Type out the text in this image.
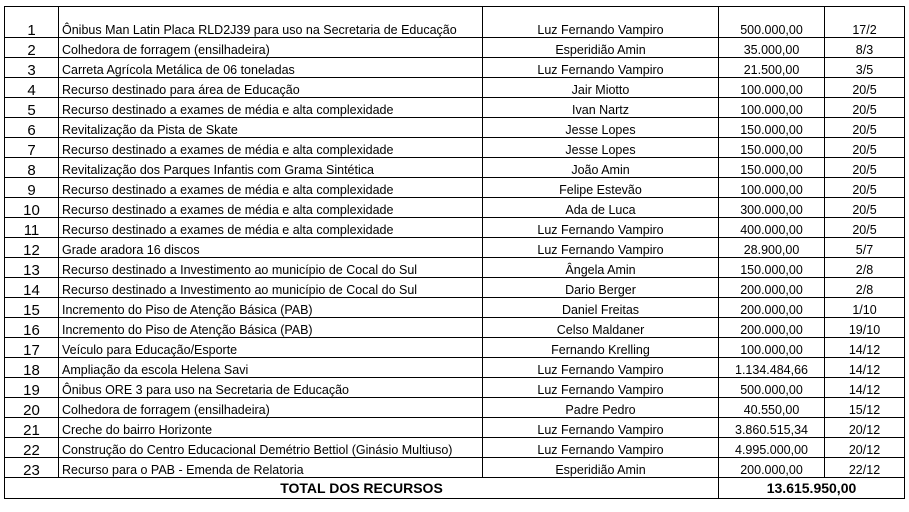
1	Ônibus Man Latin Placa RLD2J39 para uso na Secretaria de Educação	Luz Fernando Vampiro	500.000,00	17/2
2	Colhedora de forragem (ensilhadeira)	Esperidião Amin	35.000,00	8/3
3	Carreta Agrícola Metálica de 06 toneladas	Luz Fernando Vampiro	21.500,00	3/5
4	Recurso destinado para área de Educação	Jair Miotto	100.000,00	20/5
5	Recurso destinado a exames de média e alta complexidade	Ivan Nartz	100.000,00	20/5
6	Revitalização da Pista de Skate	Jesse Lopes	150.000,00	20/5
7	Recurso destinado a exames de média e alta complexidade	Jesse Lopes	150.000,00	20/5
8	Revitalização dos Parques Infantis com Grama Sintética	João Amin	150.000,00	20/5
9	Recurso destinado a exames de média e alta complexidade	Felipe Estevão	100.000,00	20/5
10	Recurso destinado a exames de média e alta complexidade	Ada de Luca	300.000,00	20/5
11	Recurso destinado a exames de média e alta complexidade	Luz Fernando Vampiro	400.000,00	20/5
12	Grade aradora 16 discos	Luz Fernando Vampiro	28.900,00	5/7
13	Recurso destinado a Investimento ao município de Cocal do Sul	Ângela Amin	150.000,00	2/8
14	Recurso destinado a Investimento ao município de Cocal do Sul	Dario Berger	200.000,00	2/8
15	Incremento do Piso de Atenção Básica (PAB)	Daniel Freitas	200.000,00	1/10
16	Incremento do Piso de Atenção Básica (PAB)	Celso Maldaner	200.000,00	19/10
17	Veículo para Educação/Esporte	Fernando Krelling	100.000,00	14/12
18	Ampliação da escola Helena Savi	Luz Fernando Vampiro	1.134.484,66	14/12
19	Ônibus ORE 3 para uso na Secretaria de Educação	Luz Fernando Vampiro	500.000,00	14/12
20	Colhedora de forragem (ensilhadeira)	Padre Pedro	40.550,00	15/12
21	Creche do bairro Horizonte	Luz Fernando Vampiro	3.860.515,34	20/12
22	Construção do Centro Educacional Demétrio Bettiol (Ginásio Multiuso)	Luz Fernando Vampiro	4.995.000,00	20/12
23	Recurso para o PAB - Emenda de Relatoria	Esperidião Amin	200.000,00	22/12
TOTAL DOS RECURSOS			13.615.950,00	
